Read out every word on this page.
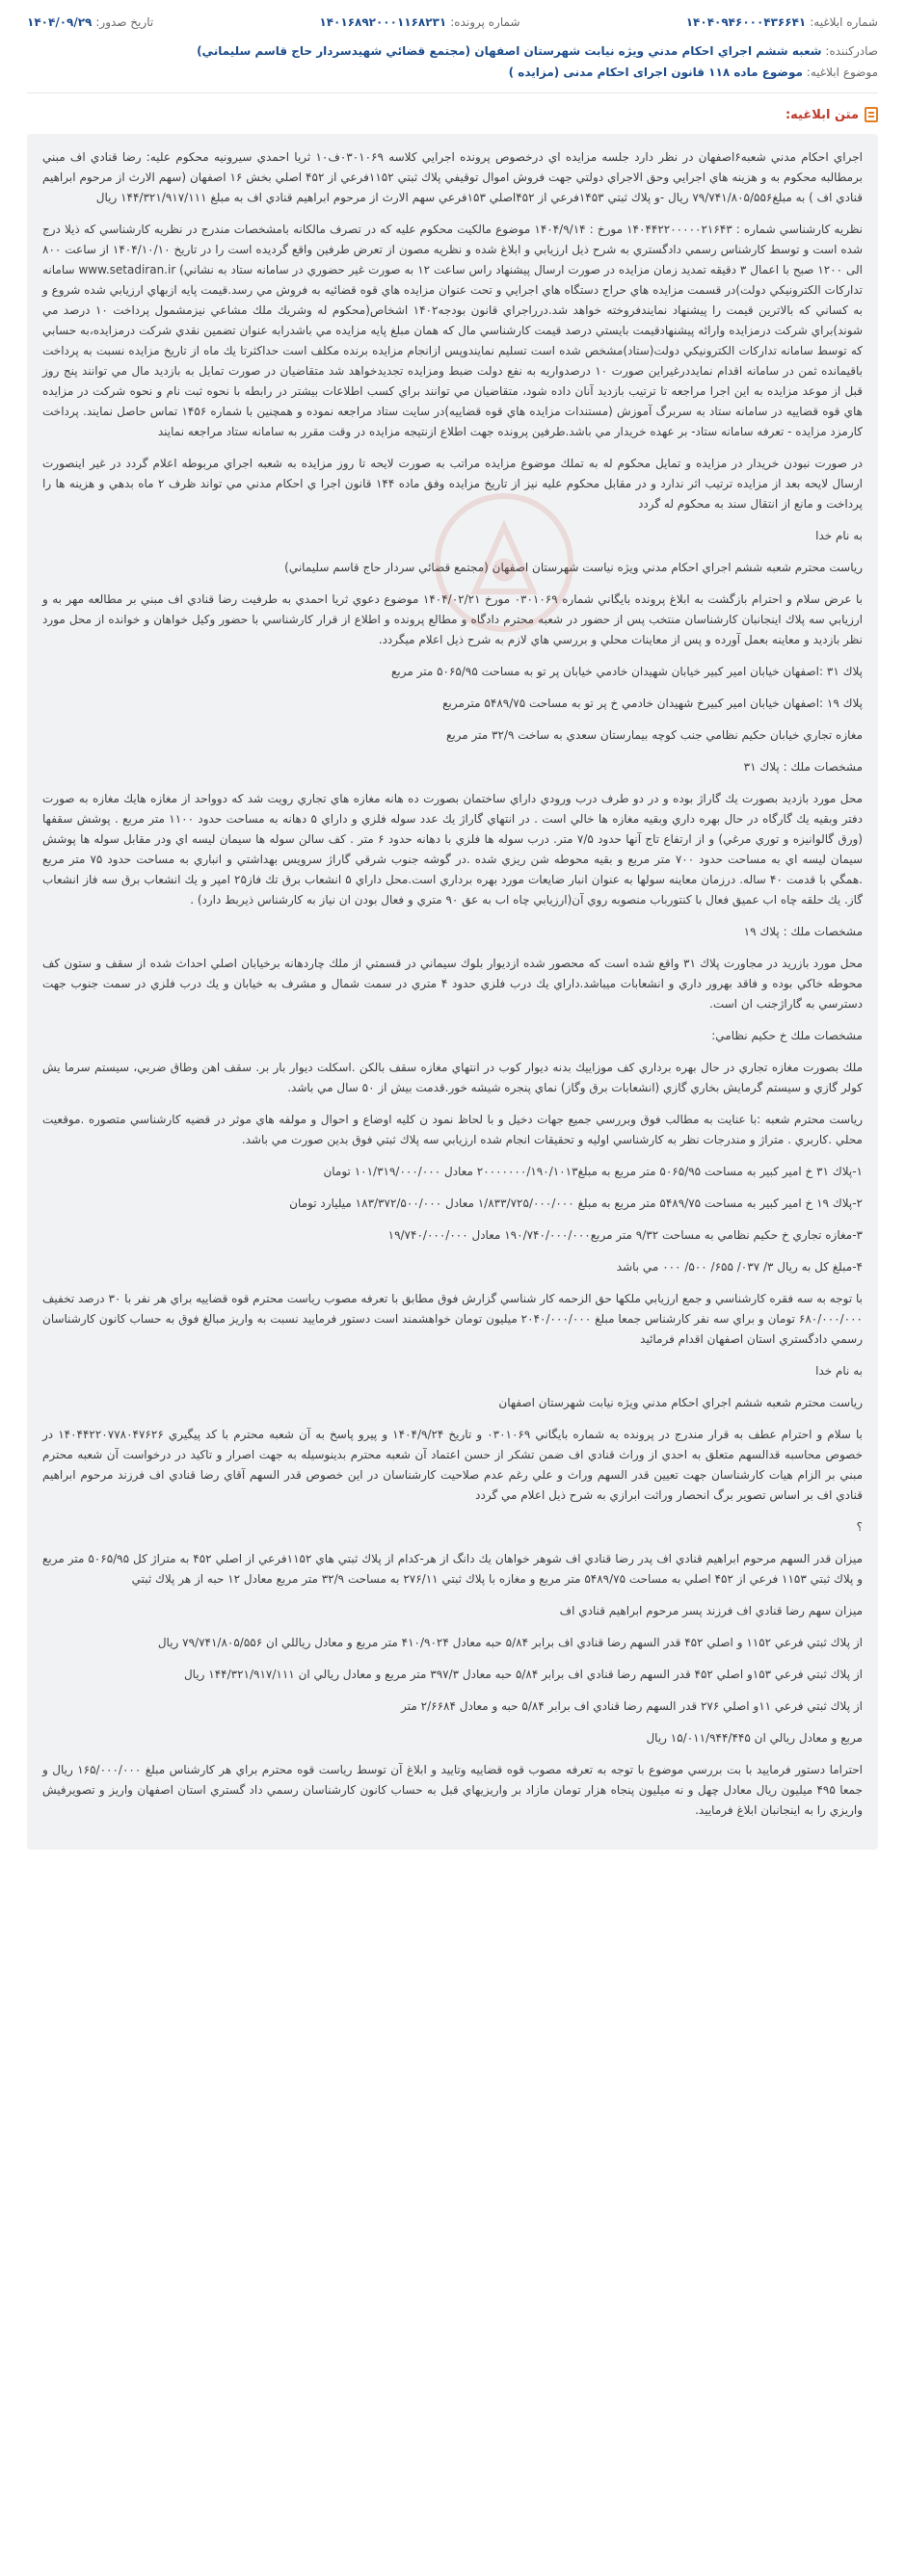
شماره ابلاغیه:
۱۴۰۴۰۹۴۶۰۰۰۴۳۶۶۴۱
شماره پرونده:
۱۴۰۱۶۸۹۲۰۰۰۱۱۶۸۲۳۱
تاریخ صدور:
۱۴۰۴/۰۹/۲۹
صادرکننده: شعبه ششم اجراي احكام مدني ويژه نيابت شهرستان اصفهان (مجتمع قضائي شهيدسردار حاج قاسم سليماني)
موضوع ابلاغیه: موضوع ماده ۱۱۸ قانون اجرای احکام مدنی (مزایده )
متن ابلاغیه:

اجراي احكام مدني شعبه۶اصفهان در نظر دارد جلسه مزايده اي درخصوص پرونده اجرايي كلاسه ۰۳۰۱۰۶۹ف۱۰ ثريا احمدي سيرونيه محكوم عليه: رضا قنادي اف مبني برمطالبه محكوم به و هزينه هاي اجرايي وحق الاجراي دولتي جهت فروش اموال توقيفي پلاك ثبتي ۱۱۵۲فرعي از ۴۵۲ اصلي بخش ۱۶ اصفهان (سهم الارث از مرحوم ابراهيم قنادي اف ) به مبلغ۷۹/۷۴۱/۸۰۵/۵۵۶ ريال -و پلاك ثبتي ۱۴۵۳فرعي از ۴۵۲اصلي ۱۵۳فرعي سهم الارث از مرحوم ابراهيم قنادي اف به مبلغ ۱۴۴/۳۲۱/۹۱۷/۱۱۱ ريال

نظريه كارشناسي شماره : ۱۴۰۴۴۲۲۰۰۰۰۰۲۱۶۴۳ مورخ : ۱۴۰۴/۹/۱۴ موضوع مالكيت محكوم عليه كه در تصرف مالكانه بامشخصات مندرج در نظريه كارشناسي كه ذيلا درج شده است و توسط كارشناس رسمي دادگستري به شرح ذيل ارزيابي و ابلاغ شده و نظريه مصون از تعرض طرفين واقع گرديده است را در تاريخ ۱۴۰۴/۱۰/۱۰ از ساعت ۸۰۰ الی ۱۲۰۰ صبح با اعمال ۳ دقيقه تمديد زمان مزايده در صورت ارسال پيشنهاد راس ساعت ۱۲ به صورت غير حضوري در سامانه ستاد به نشاني) www.setadiran.ir سامانه تداركات الكترونيكي دولت)در قسمت مزايده هاي حراج دستگاه هاي اجرايي و تحت عنوان مزايده هاي قوه قضائيه به فروش مي رسد.قيمت پايه ازبهاي ارزيابي شده شروع و به كساني كه بالاترين قيمت را پيشنهاد نمايندفروخته خواهد شد.درراجراي قانون بودجه۱۴۰۲ اشخاص(محكوم له وشريك ملك مشاعي نيزمشمول پرداخت ۱۰ درصد مي شوند)براي شركت درمزايده وارائه پيشنهادقيمت بايستي درصد قيمت كارشناسي مال كه همان مبلغ پايه مزايده مي باشدرابه عنوان تضمين نقدي شركت درمزايده،به حسابي كه توسط سامانه تداركات الكترونيكي دولت(ستاد)مشخص شده است تسليم نمايندوپس ازانجام مزايده برنده مكلف است حداكثرتا يك ماه از تاريخ مزايده نسبت به پرداخت باقيمانده ثمن در سامانه اقدام نمايددرغيراين صورت ۱۰ درصدواريه به نفع دولت ضبط ومزايده تجديدخواهد شد متقاضيان در صورت تمايل به بازديد مال مي توانند پنج روز قبل از موعد مزايده به اين اجرا مراجعه تا ترتيب بازديد آنان داده شود، متقاضيان مي توانند براي كسب اطلاعات بيشتر در رابطه با نحوه ثبت نام و نحوه شركت در مزايده هاي قوه قضاييه در سامانه ستاد به سربرگ آموزش (مستندات مزايده هاي قوه قضاييه)در سايت ستاد مراجعه نموده و همچنين با شماره ۱۴۵۶ تماس حاصل نمايند. پرداخت كارمزد مزايده - تعرفه سامانه ستاد- بر عهده خريدار مي باشد.طرفين پرونده جهت اطلاع ازنتيجه مزايده در وقت مقرر به سامانه ستاد مراجعه نمايند

در صورت نبودن خريدار در مزايده و تمايل محكوم له به تملك موضوع مزايده مراتب به صورت لايحه تا روز مزايده به شعبه اجراي مربوطه اعلام گردد در غير اينصورت ارسال لايحه بعد از مزايده ترتيب اثر ندارد و در مقابل محكوم عليه نيز از تاريخ مزايده وفق ماده ۱۴۴ قانون اجرا ي احكام مدني مي تواند ظرف ۲ ماه بدهي و هزينه ها را پرداخت و مانع از انتقال سند به محكوم له گردد

به نام خدا

رياست محترم شعبه ششم اجراي احكام مدني ويژه نياست شهرستان اصفهان (مجتمع قضائي سردار حاج قاسم سليماني)

با عرض سلام و احترام بازگشت به ابلاغ پرونده بايگاني شماره ۰۳۰۱۰۶۹ مورخ ۱۴۰۴/۰۲/۲۱ موضوع دعوي ثريا احمدي به طرفيت رضا قنادي اف مبني بر مطالعه مهر به و ارزيابي سه پلاك اينجانبان كارشناسان منتخب پس از حضور در شعبه محترم دادگاه و مطالع پرونده و اطلاع از قرار كارشناسي با حضور وكيل خواهان و خوانده از محل مورد نظر بازديد و معاينه بعمل آورده و پس از معاينات محلي و بررسي هاي لازم به شرح ذيل اعلام ميگردد.

پلاك ۳۱ :اصفهان خيابان امير كبير خيابان شهيدان خادمي خيابان پر تو به مساحت ۵۰۶۵/۹۵ متر مربع

پلاك ۱۹ :اصفهان خيابان امير كبيرخ شهيدان خادمي خ پر تو به مساحت ۵۴۸۹/۷۵ مترمربع

مغازه تجاري خيابان حكيم نظامي جنب كوچه بيمارستان سعدي به ساخت ۳۲/۹ متر مربع

مشخصات ملك : پلاك ۳۱

محل مورد بازديد بصورت يك گاراژ بوده و در دو طرف درب ورودي داراي ساختمان بصورت ده هانه مغازه هاي تجاري رويت شد كه دوواحد از مغازه هايك مغازه به صورت دفتر وبقيه يك گارگاه در حال بهره داري وبقيه مغازه ها خالي است . در انتهاي گاراژ يك عدد سوله فلزي و داراي ۵ دهانه به مساحت حدود ۱۱۰۰ متر مربع . پوشش سقفها (ورق گالوانيزه و توري مرغي) و از ارتفاع تاج آنها حدود ۷/۵ متر. درب سوله ها فلزي با دهانه حدود ۶ متر . كف سالن سوله ها سيمان ليسه اي ودر مقابل سوله ها پوشش سيمان ليسه اي به مساحت حدود ۷۰۰ متر مربع و بقيه محوطه شن ريزي شده .در گوشه جنوب شرقي گاراژ سرويس بهداشتي و انباري به مساحت حدود ۷۵ متر مربع .همگي با قدمت ۴۰ ساله. درزمان معاينه سولها به عنوان انبار ضايعات مورد بهره برداري است.محل داراي ۵ انشعاب برق تك فاز۲۵ امپر و يك انشعاب برق سه فاز انشعاب گاز. يك حلقه چاه اب عميق فعال با كنتورباب منصوبه روي آن(ارزيابي چاه اب به عق ۹۰ متري و فعال بودن ان نياز به كارشناس ذيربط دارد) .

مشخصات ملك : پلاك ۱۹

محل مورد بازريد در مجاورت پلاك ۳۱ واقع شده است كه محصور شده ازديوار بلوك سيماني در قسمتي از ملك چاردهانه برخيابان اصلي احداث شده از سقف و ستون كف محوطه خاكي بوده و فاقد بهرور داري و انشعابات ميباشد.داراي يك درب فلزي حدود ۴ متري در سمت شمال و مشرف به خيابان و يك درب فلزي در سمت جنوب جهت دسترسي به گاراژجنب ان است.

مشخصات ملك خ حكيم نظامي:

ملك بصورت مغازه تجاري در حال بهره برداري كف موزاييك بدنه ديوار كوب در انتهاي مغازه سقف بالكن .اسكلت ديوار بار بر. سقف اهن وطاق ضربي، سيستم سرما يش كولر گازي و سيستم گرمايش بخاري گازي (انشعابات برق وگاز) نماي پنجره شيشه خور.قدمت بيش از ۵۰ سال مي باشد.

رياست محترم شعبه :با عنايت به مطالب فوق وبررسي جميع جهات دخيل و با لحاظ نمود ن كليه اوضاع و احوال و مولفه هاي موثر در قضيه كارشناسي متصوره .موقعيت محلي .كاربري . متراژ و مندرجات نظر به كارشناسي اوليه و تحقيقات انجام شده ارزيابي سه پلاك ثبتي فوق بدين صورت مي باشد.

۱-پلاك ۳۱ خ امير كبير به مساحت ۵۰۶۵/۹۵ متر مربع به مبلغ۲۰۰۰۰۰۰۰/۱۹۰/۱۰۱۳ معادل ۱۰۱/۳۱۹/۰۰۰/۰۰۰ تومان

۲-پلاك ۱۹ خ امير كبير به مساحت ۵۴۸۹/۷۵ متر مربع به مبلغ ۱/۸۳۳/۷۲۵/۰۰۰/۰۰۰ معادل ۱۸۳/۳۷۲/۵۰۰/۰۰۰ ميليارد تومان

۳-مغازه تجاري خ حكيم نظامي به مساحت ۹/۳۲ متر مربع۱۹۰/۷۴۰/۰۰۰/۰۰۰ معادل ۱۹/۷۴۰/۰۰۰/۰۰۰

۴-مبلغ كل به ريال ۳/ ۰۳۷/ ۶۵۵/ ۵۰۰/ ۰۰۰ مي باشد

با توجه به سه فقره كارشناسي و جمع ارزيابي ملكها حق الزحمه كار شناسي گزارش فوق مطابق با تعرفه مصوب رياست محترم قوه قضاييه براي هر نفر با ۳۰ درصد تخفيف ۶۸۰/۰۰۰/۰۰۰ تومان و براي سه نفر كارشناس جمعا مبلغ ۲۰۴۰/۰۰۰/۰۰۰ ميليون تومان خواهشمند است دستور فرماييد نسبت به واريز مبالغ فوق به حساب كانون كارشناسان رسمي دادگستري استان اصفهان اقدام فرمائيد

به نام خدا

رياست محترم شعبه ششم اجراي احكام مدني ويژه نيابت شهرستان اصفهان

با سلام و احترام عطف به قرار مندرج در پرونده به شماره بايگاني ۰۳۰۱۰۶۹ و تاريخ ۱۴۰۴/۹/۲۴ و پيرو پاسخ به آن شعبه محترم با كد پيگيري ۱۴۰۴۴۲۲۰۷۷۸۰۴۷۶۲۶ در خصوص محاسبه قدالسهم متعلق به احدي از وراث قنادي اف ضمن تشكر از حسن اعتماد آن شعبه محترم بدينوسيله به جهت اصرار و تاكيد در درخواست آن شعبه محترم مبني بر الزام هيات كارشناسان جهت تعيين قدر السهم وراث و علي رغم عدم صلاحيت كارشناسان در اين خصوص قدر السهم آقاي رضا قنادي اف فرزند مرحوم ابراهيم قنادي اف بر اساس تصوير برگ انحصار وراثت ابرازي به شرح ذيل اعلام مي گردد

؟

ميزان قدر السهم مرحوم ابراهيم قنادي اف پدر رضا قنادي اف شوهر خواهان يك دانگ از هر-كدام از پلاك ثبتي هاي ۱۱۵۲فرعي از اصلي ۴۵۲ به متراژ كل ۵۰۶۵/۹۵ متر مربع و پلاك ثبتي ۱۱۵۳ فرعي از ۴۵۲ اصلي به مساحت ۵۴۸۹/۷۵ متر مربع و مغازه با پلاك ثبتي ۲۷۶/۱۱ به مساحت ۳۲/۹ متر مربع معادل ۱۲ حبه از هر پلاك ثبتي

ميزان سهم رضا قنادي اف فرزند پسر مرحوم ابراهيم قنادي اف

از پلاك ثبتي فرعي ۱۱۵۲ و اصلي ۴۵۲ قدر السهم رضا قنادي اف برابر ۵/۸۴ حبه معادل ۴۱۰/۹۰۲۴ متر مربع و معادل رياللي ان ۷۹/۷۴۱/۸۰۵/۵۵۶ ريال

از پلاك ثبتي فرعي ۱۵۳و اصلي ۴۵۲ قدر السهم رضا قنادي اف برابر ۵/۸۴ حبه معادل ۳۹۷/۳ متر مربع و معادل ريالي ان ۱۴۴/۳۲۱/۹۱۷/۱۱۱ ريال

از پلاك ثبتي فرعي ۱۱و اصلي ۲۷۶ قدر السهم رضا قنادي اف برابر ۵/۸۴ حبه و معادل ۲/۶۶۸۴ متر

مربع و معادل ريالي ان ۱۵/۰۱۱/۹۴۴/۴۴۵ ريال

احتراما دستور فرماييد با بت بررسي موضوع با توجه به تعرفه مصوب قوه قضاييه وتاييد و ابلاغ آن توسط رياست قوه محترم براي هر كارشناس مبلغ ۱۶۵/۰۰۰/۰۰۰ ريال و جمعا ۴۹۵ ميليون ريال معادل چهل و نه ميليون پنجاه هزار تومان مازاد بر واريزيهاي قبل به حساب كانون كارشناسان رسمي داد گستري استان اصفهان واريز و تصويرفيش واريزي را به اينجانبان ابلاغ فرماييد.
